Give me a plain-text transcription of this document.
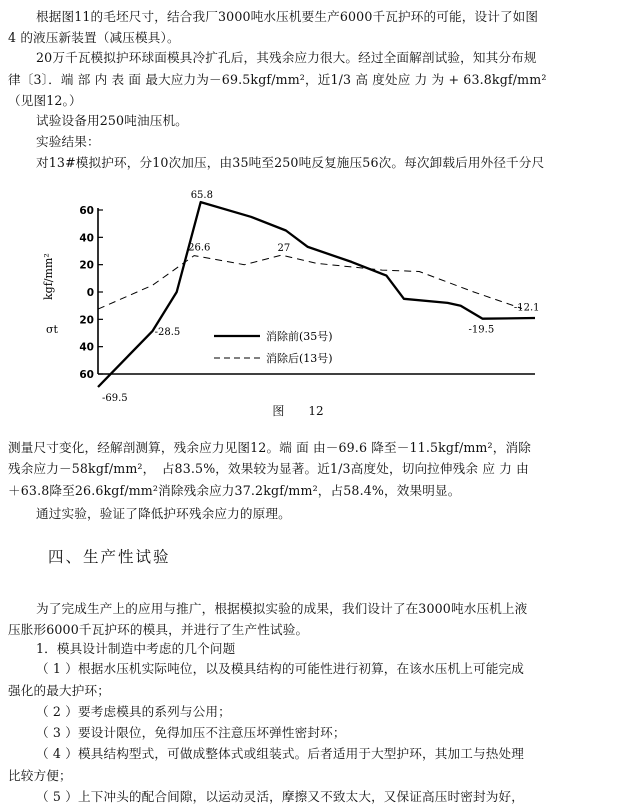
根据图11的毛坯尺寸，结合我厂3000吨水压机要生产6000千瓦护环的可能，设计了如图
4 的液压新装置（减压模具）。
20万千瓦模拟护环球面模具冷扩孔后，其残余应力很大。经过全面解剖试验，知其分布规
律〔3〕．端 部 内 表 面 最大应力为－69.5kgf/mm²，近1/3 高 度处应 力 为 + 63.8kgf/mm²
（见图12。）
试验设备用250吨油压机。
实验结果：
对13#模拟护环，分10次加压，由35吨至250吨反复施压56次。每次卸载后用外径千分尺
60
40
20
0
20
40
60
65.8
26.6	27
-28.5
-69.5
-19.5
-12.1
kgf/mm²
σt
消除前(35号)
消除后(13号)
图　　12
测量尺寸变化，经解剖测算，残余应力见图12。端 面 由－69.6 降至－11.5kgf/mm²，消除
残余应力－58kgf/mm²，　占83.5%，效果较为显著。近1/3高度处，切向拉伸残余 应 力 由
＋63.8降至26.6kgf/mm²消除残余应力37.2kgf/mm²，占58.4%，效果明显。
通过实验，验证了降低护环残余应力的原理。
四、生产性试验
为了完成生产上的应用与推广，根据模拟实验的成果，我们设计了在3000吨水压机上液
压胀形6000千瓦护环的模具，并进行了生产性试验。
1．模具设计制造中考虑的几个问题
（ 1 ）根据水压机实际吨位，以及模具结构的可能性进行初算，在该水压机上可能完成
强化的最大护环；
（ 2 ）要考虑模具的系列与公用；
（ 3 ）要设计限位，免得加压不注意压坏弹性密封环；
（ 4 ）模具结构型式，可做成整体式或组装式。后者适用于大型护环，其加工与热处理
比较方便；
（ 5 ）上下冲头的配合间隙，以运动灵活，摩擦又不致太大，又保证高压时密封为好，
